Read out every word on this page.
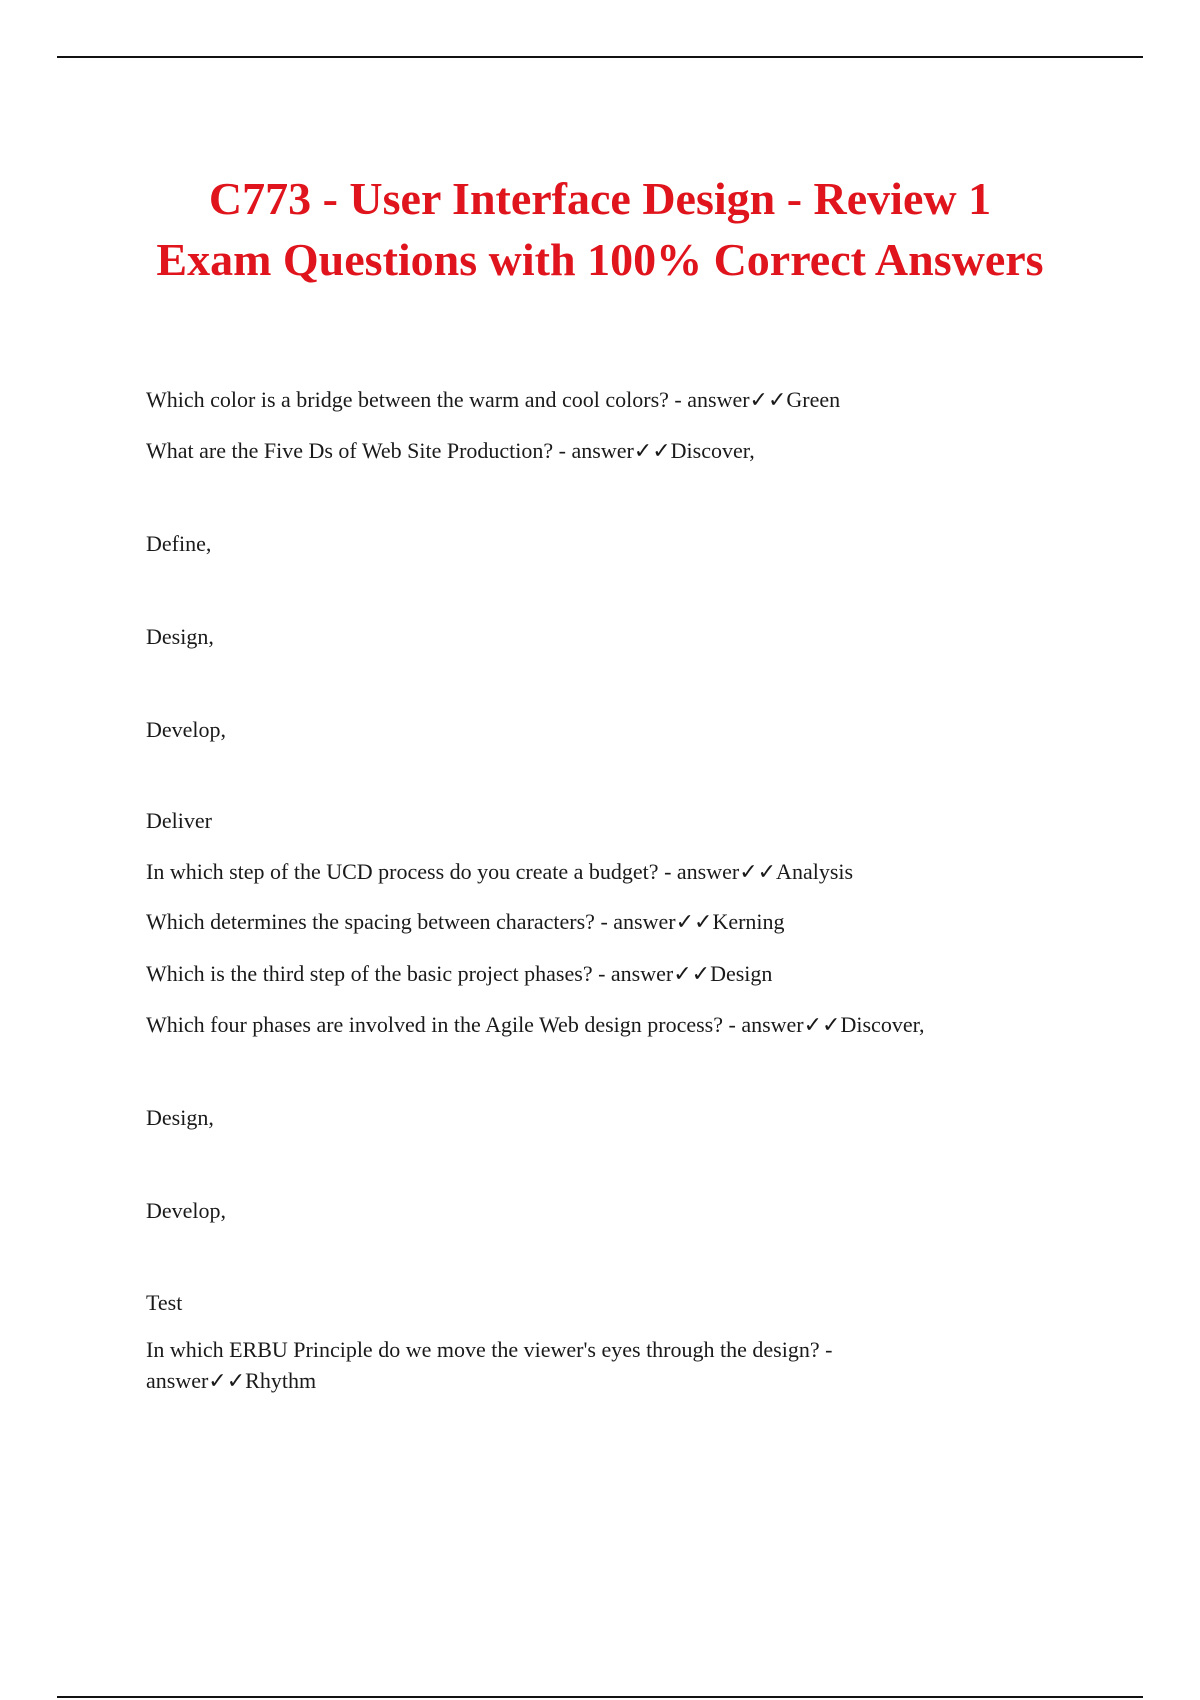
C773 - User Interface Design - Review 1
Exam Questions with 100% Correct Answers
Which color is a bridge between the warm and cool colors? - answer✓✓Green
What are the Five Ds of Web Site Production? - answer✓✓Discover,
Define,
Design,
Develop,
Deliver
In which step of the UCD process do you create a budget? - answer✓✓Analysis
Which determines the spacing between characters? - answer✓✓Kerning
Which is the third step of the basic project phases? - answer✓✓Design
Which four phases are involved in the Agile Web design process? - answer✓✓Discover,
Design,
Develop,
Test
In which ERBU Principle do we move the viewer's eyes through the design? - answer✓✓Rhythm
